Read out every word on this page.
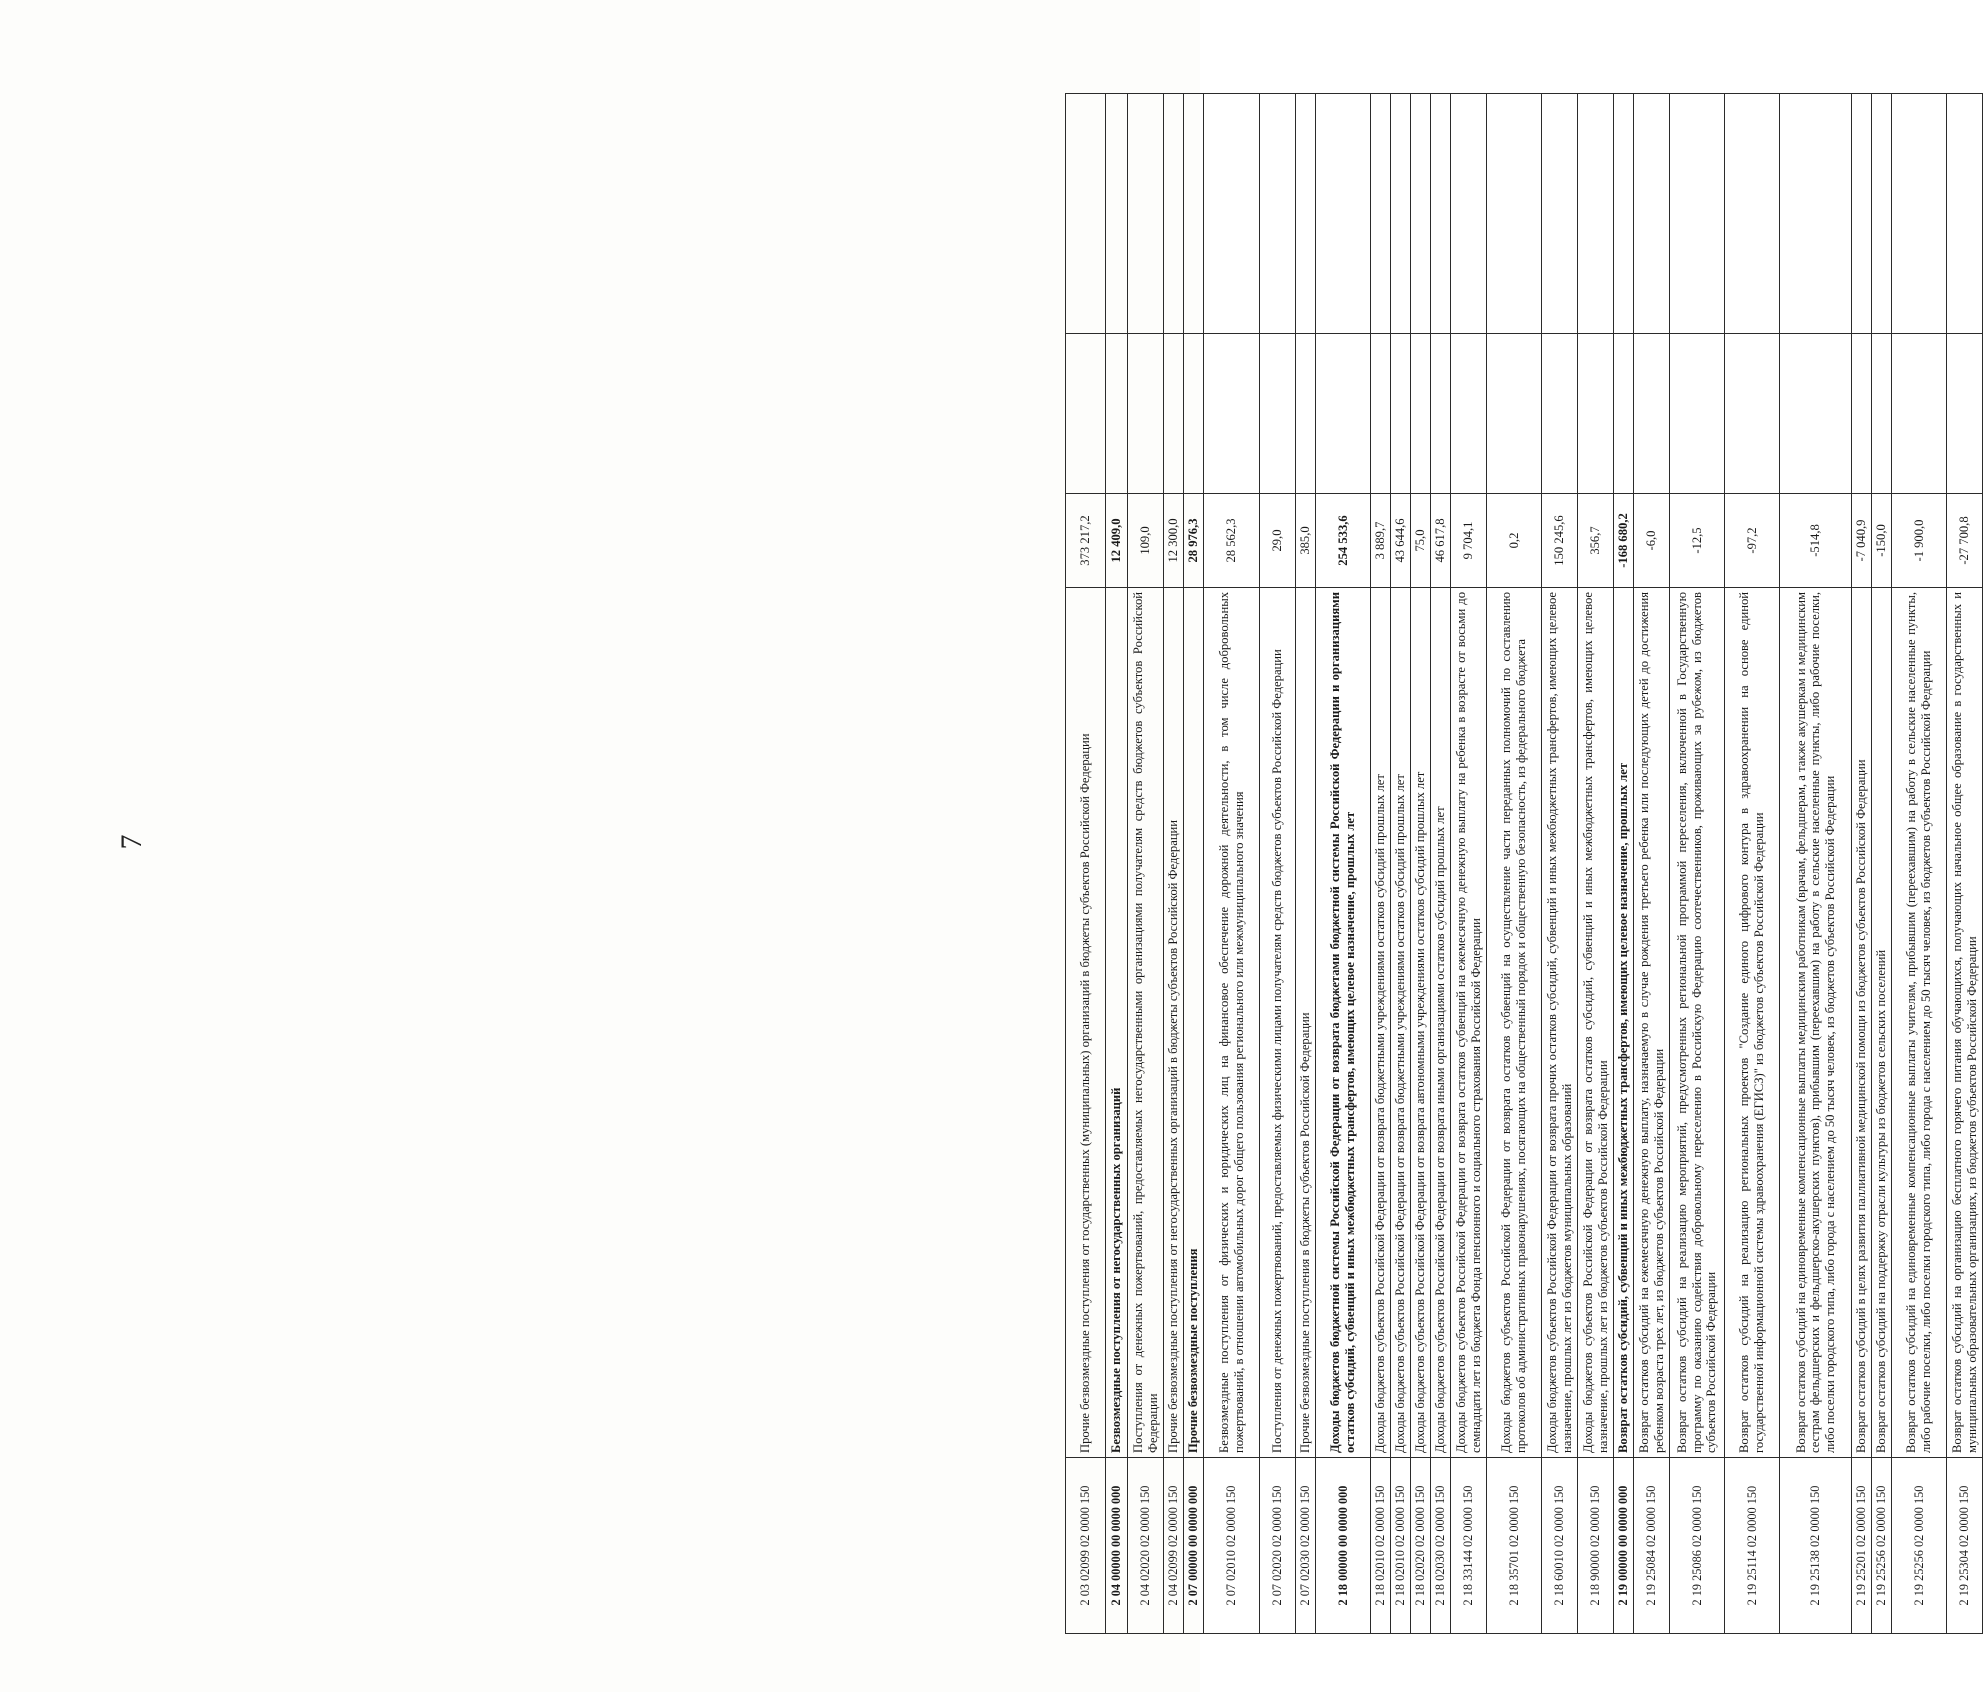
7
2 03 02099 02 0000 150	Прочие безвозмездные поступления от государственных (муниципальных) организаций в бюджеты субъектов Российской Федерации	373 217,2		
2 04 00000 00 0000 000	Безвозмездные поступления от негосударственных организаций	12 409,0		
2 04 02020 02 0000 150	Поступления от денежных пожертвований, предоставляемых негосударственными организациями получателям средств бюджетов субъектов Российской Федерации	109,0		
2 04 02099 02 0000 150	Прочие безвозмездные поступления от негосударственных организаций в бюджеты субъектов Российской Федерации	12 300,0		
2 07 00000 00 0000 000	Прочие безвозмездные поступления	28 976,3		
2 07 02010 02 0000 150	Безвозмездные поступления от физических и юридических лиц на финансовое обеспечение дорожной деятельности, в том числе добровольных пожертвований, в отношении автомобильных дорог общего пользования регионального или межмуниципального значения	28 562,3		
2 07 02020 02 0000 150	Поступления от денежных пожертвований, предоставляемых физическими лицами получателям средств бюджетов субъектов Российской Федерации	29,0		
2 07 02030 02 0000 150	Прочие безвозмездные поступления в бюджеты субъектов Российской Федерации	385,0		
2 18 00000 00 0000 000	Доходы бюджетов бюджетной системы Российской Федерации от возврата бюджетами бюджетной системы Российской Федерации и организациями остатков субсидий, субвенций и иных межбюджетных трансфертов, имеющих целевое назначение, прошлых лет	254 533,6		
2 18 02010 02 0000 150	Доходы бюджетов субъектов Российской Федерации от возврата бюджетными учреждениями остатков субсидий прошлых лет	3 889,7		
2 18 02010 02 0000 150	Доходы бюджетов субъектов Российской Федерации от возврата бюджетными учреждениями остатков субсидий прошлых лет	43 644,6		
2 18 02020 02 0000 150	Доходы бюджетов субъектов Российской Федерации от возврата автономными учреждениями остатков субсидий прошлых лет	75,0		
2 18 02030 02 0000 150	Доходы бюджетов субъектов Российской Федерации от возврата иными организациями остатков субсидий прошлых лет	46 617,8		
2 18 33144 02 0000 150	Доходы бюджетов субъектов Российской Федерации от возврата остатков субвенций на ежемесячную денежную выплату на ребенка в возрасте от восьми до семнадцати лет из бюджета Фонда пенсионного и социального страхования Российской Федерации	9 704,1		
2 18 35701 02 0000 150	Доходы бюджетов субъектов Российской Федерации от возврата остатков субвенций на осуществление части переданных полномочий по составлению протоколов об административных правонарушениях, посягающих на общественный порядок и общественную безопасность, из федерального бюджета	0,2		
2 18 60010 02 0000 150	Доходы бюджетов субъектов Российской Федерации от возврата прочих остатков субсидий, субвенций и иных межбюджетных трансфертов, имеющих целевое назначение, прошлых лет из бюджетов муниципальных образований	150 245,6		
2 18 90000 02 0000 150	Доходы бюджетов субъектов Российской Федерации от возврата остатков субсидий, субвенций и иных межбюджетных трансфертов, имеющих целевое назначение, прошлых лет из бюджетов субъектов Российской Федерации	356,7		
2 19 00000 00 0000 000	Возврат остатков субсидий, субвенций и иных межбюджетных трансфертов, имеющих целевое назначение, прошлых лет	-168 680,2		
2 19 25084 02 0000 150	Возврат остатков субсидий на ежемесячную денежную выплату, назначаемую в случае рождения третьего ребенка или последующих детей до достижения ребенком возраста трех лет, из бюджетов субъектов Российской Федерации	-6,0		
2 19 25086 02 0000 150	Возврат остатков субсидий на реализацию мероприятий, предусмотренных региональной программой переселения, включенной в Государственную программу по оказанию содействия добровольному переселению в Российскую Федерацию соотечественников, проживающих за рубежом, из бюджетов субъектов Российской Федерации	-12,5		
2 19 25114 02 0000 150	Возврат остатков субсидий на реализацию региональных проектов "Создание единого цифрового контура в здравоохранении на основе единой государственной информационной системы здравоохранения (ЕГИСЗ)" из бюджетов субъектов Российской Федерации	-97,2		
2 19 25138 02 0000 150	Возврат остатков субсидий на единовременные компенсационные выплаты медицинским работникам (врачам, фельдшерам, а также акушеркам и медицинским сестрам фельдшерских и фельдшерско-акушерских пунктов), прибывшим (переехавшим) на работу в сельские населенные пункты, либо рабочие поселки, либо поселки городского типа, либо города с населением до 50 тысяч человек, из бюджетов субъектов Российской Федерации	-514,8		
2 19 25201 02 0000 150	Возврат остатков субсидий в целях развития паллиативной медицинской помощи из бюджетов субъектов Российской Федерации	-7 040,9		
2 19 25256 02 0000 150	Возврат остатков субсидий на поддержку отрасли культуры из бюджетов сельских поселений	-150,0		
2 19 25256 02 0000 150	Возврат остатков субсидий на единовременные компенсационные выплаты учителям, прибывшим (переехавшим) на работу в сельские населенные пункты, либо рабочие поселки, либо поселки городского типа, либо города с населением до 50 тысяч человек, из бюджетов субъектов Российской Федерации	-1 900,0		
2 19 25304 02 0000 150	Возврат остатков субсидий на организацию бесплатного горячего питания обучающихся, получающих начальное общее образование в государственных и муниципальных образовательных организациях, из бюджетов субъектов Российской Федерации	-27 700,8		
